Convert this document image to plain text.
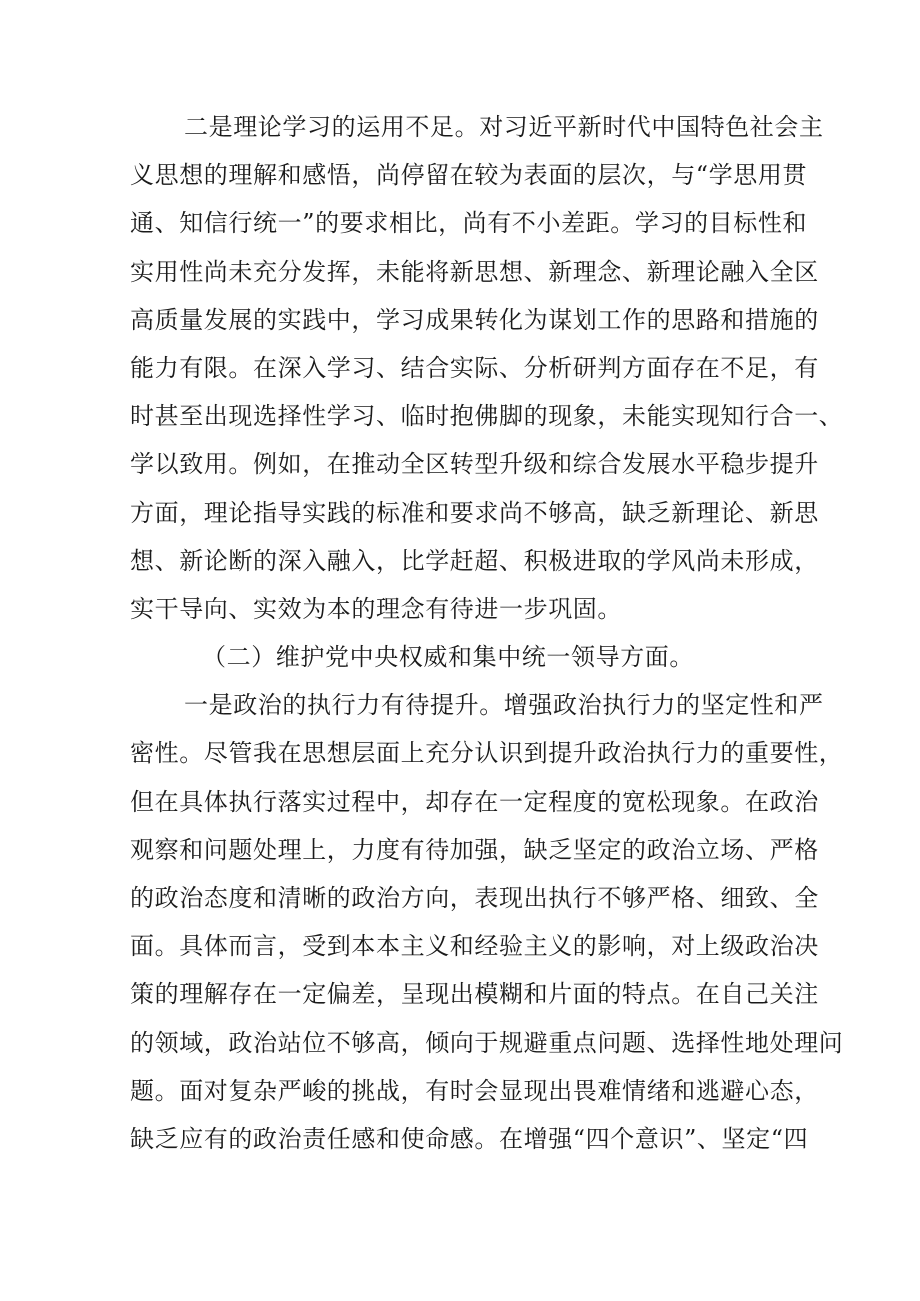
二是理论学习的运用不足。对习近平新时代中国特色社会主
义思想的理解和感悟，尚停留在较为表面的层次，与“学思用贯
通、知信行统一”的要求相比，尚有不小差距。学习的目标性和
实用性尚未充分发挥，未能将新思想、新理念、新理论融入全区
高质量发展的实践中，学习成果转化为谋划工作的思路和措施的
能力有限。在深入学习、结合实际、分析研判方面存在不足，有
时甚至出现选择性学习、临时抱佛脚的现象，未能实现知行合一、
学以致用。例如，在推动全区转型升级和综合发展水平稳步提升
方面，理论指导实践的标准和要求尚不够高，缺乏新理论、新思
想、新论断的深入融入，比学赶超、积极进取的学风尚未形成，
实干导向、实效为本的理念有待进一步巩固。
（二）维护党中央权威和集中统一领导方面。
一是政治的执行力有待提升。增强政治执行力的坚定性和严
密性。尽管我在思想层面上充分认识到提升政治执行力的重要性，
但在具体执行落实过程中，却存在一定程度的宽松现象。在政治
观察和问题处理上，力度有待加强，缺乏坚定的政治立场、严格
的政治态度和清晰的政治方向，表现出执行不够严格、细致、全
面。具体而言，受到本本主义和经验主义的影响，对上级政治决
策的理解存在一定偏差，呈现出模糊和片面的特点。在自己关注
的领域，政治站位不够高，倾向于规避重点问题、选择性地处理问
题。面对复杂严峻的挑战，有时会显现出畏难情绪和逃避心态，
缺乏应有的政治责任感和使命感。在增强“四个意识”、坚定“四
